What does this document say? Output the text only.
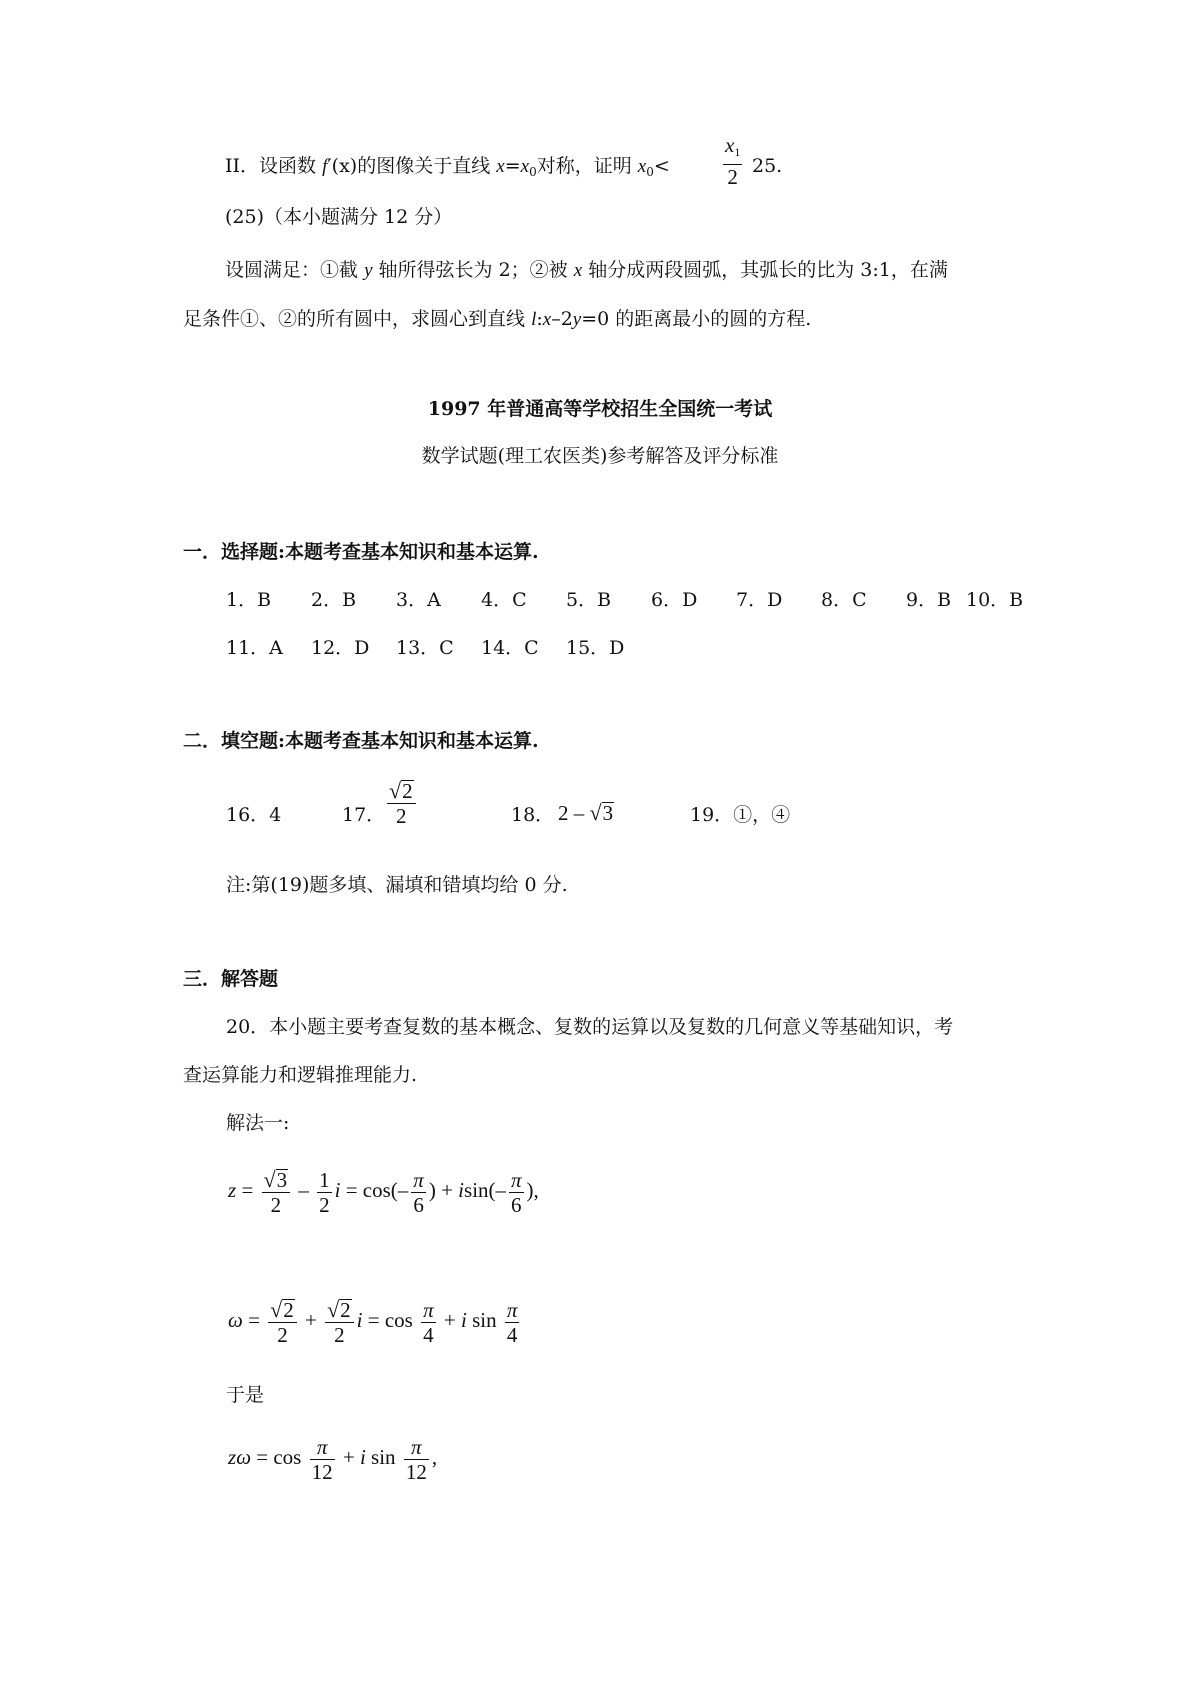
II．设函数 f′(x)的图像关于直线 $x=x_0$对称，证明 $x_0<$	$\frac{x_1}{2} 25$.
(25)（本小题满分 12 分）
设圆满足：①截 y 轴所得弦长为 2；②被 x 轴分成两段圆弧，其弧长的比为 3:1，在满
足条件①、②的所有圆中，求圆心到直线 l:x–2y=0 的距离最小的圆的方程.
1997 年普通高等学校招生全国统一考试
数学试题(理工农医类)参考解答及评分标准
一．选择题:本题考查基本知识和基本运算.
1．B 2．B 3．A 4．C 5．B 6．D 7．D 8．C 9．B 10．B
11．A 12．D 13．C 14．C 15．D
二．填空题:本题考查基本知识和基本运算.
16．4	17． $\frac{√2}{2}$	18． 2 – √3	19．①，④
注:第(19)题多填、漏填和错填均给 0 分.
三．解答题
20．本小题主要考查复数的基本概念、复数的运算以及复数的几何意义等基础知识，考
查运算能力和逻辑推理能力.
解法一:
$z = \frac{√3}{2} - \frac{1}{2}$ $i = \cos(- \frac{\pi}{6}$ ) + $isin(- \frac{\pi}{6}$ ),
$\omega = \frac{√2}{2} + \frac{√2}{2}$ $i = \cos \frac{\pi}{4} + i$ $\sin \frac{\pi}{4}$
于是
$z\omega = \cos \frac{\pi}{12} + i$ $\sin \frac{\pi}{12}$ ,
